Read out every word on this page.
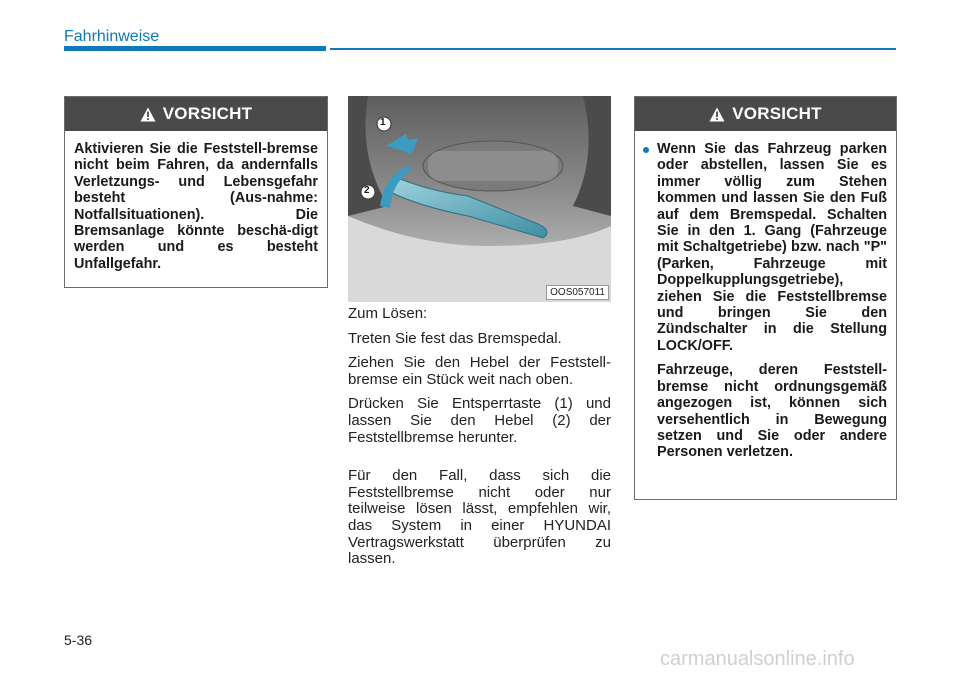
Fahrhinweise
VORSICHT
Aktivieren Sie die Feststell-bremse nicht beim Fahren, da andernfalls Verletzungs- und Lebensgefahr besteht (Aus-nahme: Notfallsituationen). Die Bremsanlage könnte beschä-digt werden und es besteht Unfallgefahr.
1
2
OOS057011

Zum Lösen:

Treten Sie fest das Bremspedal.

Ziehen Sie den Hebel der Feststell-bremse ein Stück weit nach oben.

Drücken Sie Entsperrtaste (1) und lassen Sie den Hebel (2) der Feststellbremse herunter.

Für den Fall, dass sich die Feststellbremse nicht oder nur teilweise lösen lässt, empfehlen wir, das System in einer HYUNDAI Vertragswerkstatt überprüfen zu lassen.

VORSICHT
Wenn Sie das Fahrzeug parken oder abstellen, lassen Sie es immer völlig zum Stehen kommen und lassen Sie den Fuß auf dem Bremspedal. Schalten Sie in den 1. Gang (Fahrzeuge mit Schaltgetriebe) bzw. nach "P" (Parken, Fahrzeuge mit Doppelkupplungsgetriebe), ziehen Sie die Feststellbremse und bringen Sie den Zündschalter in die Stellung LOCK/OFF.
Fahrzeuge, deren Feststell-bremse nicht ordnungsgemäß angezogen ist, können sich versehentlich in Bewegung setzen und Sie oder andere Personen verletzen.
5-36
carmanualsonline.info
